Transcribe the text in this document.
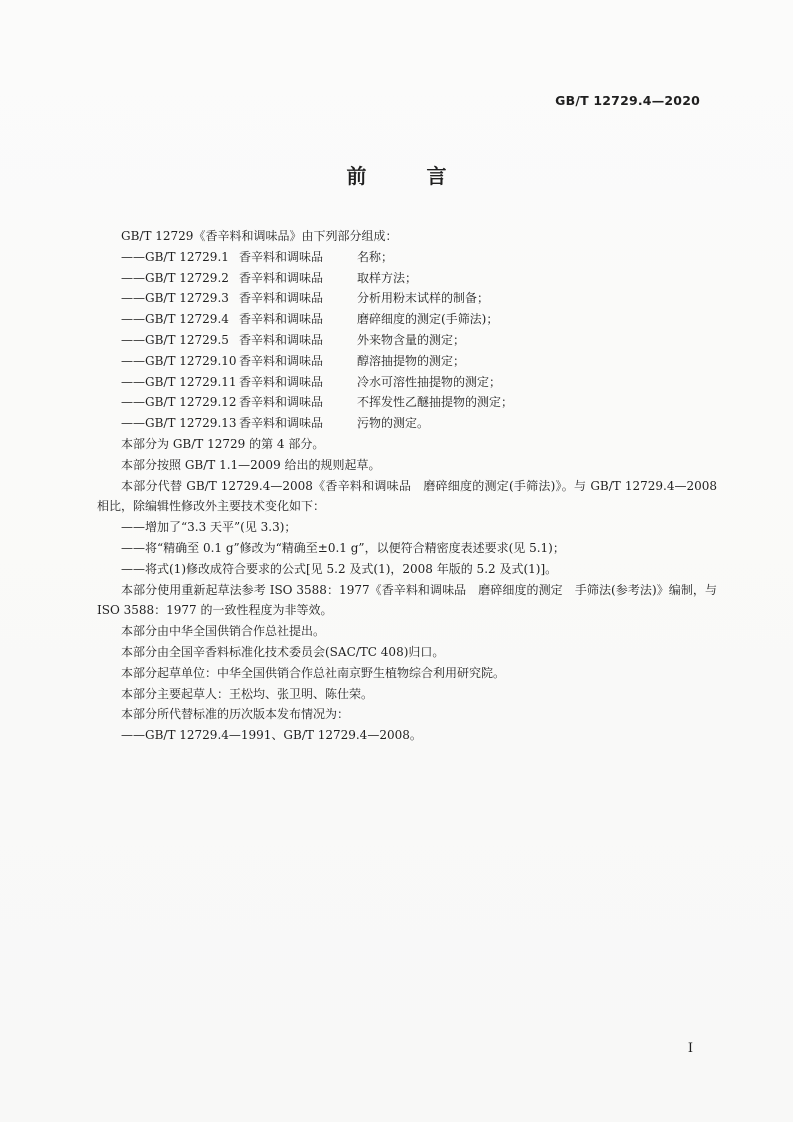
GB/T 12729.4—2020
前　言

GB/T 12729《香辛料和调味品》由下列部分组成：

——GB/T 12729.1 香辛料和调味品	名称；

——GB/T 12729.2 香辛料和调味品	取样方法；

——GB/T 12729.3 香辛料和调味品	分析用粉末试样的制备；

——GB/T 12729.4 香辛料和调味品	磨碎细度的测定(手筛法)；

——GB/T 12729.5 香辛料和调味品	外来物含量的测定；

——GB/T 12729.10 香辛料和调味品	醇溶抽提物的测定；

——GB/T 12729.11 香辛料和调味品	冷水可溶性抽提物的测定；

——GB/T 12729.12 香辛料和调味品	不挥发性乙醚抽提物的测定；

——GB/T 12729.13 香辛料和调味品	污物的测定。

本部分为 GB/T 12729 的第 4 部分。

本部分按照 GB/T 1.1—2009 给出的规则起草。

本部分代替 GB/T 12729.4—2008《香辛料和调味品　磨碎细度的测定(手筛法)》。与 GB/T 12729.4—2008 相比，除编辑性修改外主要技术变化如下：

——增加了“3.3 天平”(见 3.3)；

——将“精确至 0.1 g”修改为“精确至±0.1 g”，以便符合精密度表述要求(见 5.1)；

——将式(1)修改成符合要求的公式[见 5.2 及式(1)，2008 年版的 5.2 及式(1)]。

本部分使用重新起草法参考 ISO 3588：1977《香辛料和调味品　磨碎细度的测定　手筛法(参考法)》编制，与 ISO 3588：1977 的一致性程度为非等效。

本部分由中华全国供销合作总社提出。

本部分由全国辛香料标准化技术委员会(SAC/TC 408)归口。

本部分起草单位：中华全国供销合作总社南京野生植物综合利用研究院。

本部分主要起草人：王松均、张卫明、陈仕荣。

本部分所代替标准的历次版本发布情况为：

——GB/T 12729.4—1991、GB/T 12729.4—2008。

I
